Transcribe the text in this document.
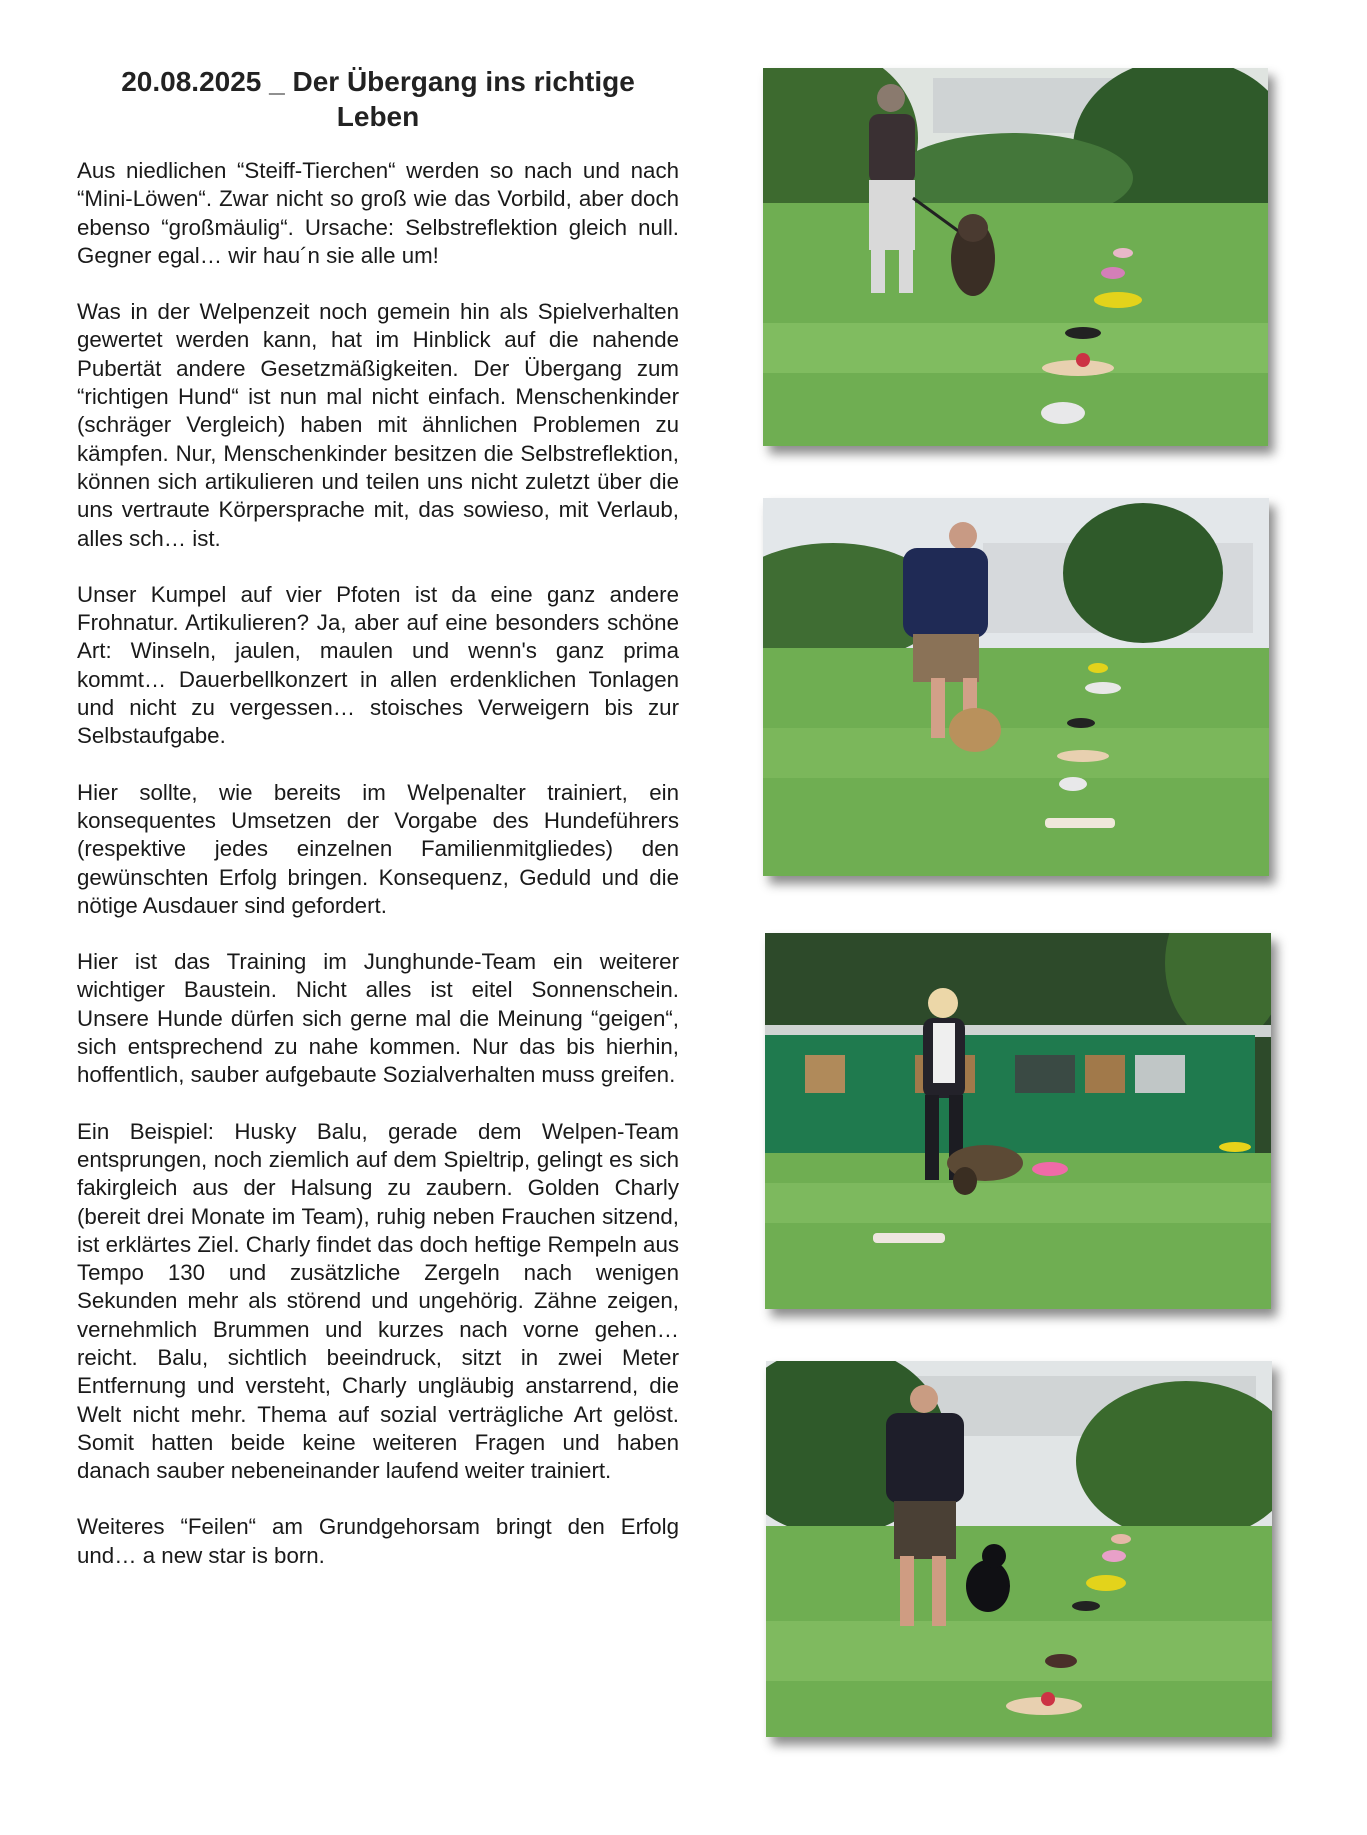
20.08.2025 _ Der Übergang ins richtige
Leben

Aus niedlichen “Steiff-Tierchen“ werden so nach und nach “Mini-Löwen“. Zwar nicht so groß wie das Vorbild, aber doch ebenso “großmäulig“. Ursache: Selbstreflektion gleich null. Gegner egal… wir hau´n sie alle um!

Was in der Welpenzeit noch gemein hin als Spielverhalten gewertet werden kann, hat im Hinblick auf die nahende Pubertät andere Gesetzmäßigkeiten. Der Übergang zum “richtigen Hund“ ist nun mal nicht einfach. Menschenkinder (schräger Vergleich) haben mit ähnlichen Problemen zu kämpfen. Nur, Menschenkinder besitzen die Selbstreflektion, können sich artikulieren und teilen uns nicht zuletzt über die uns vertraute Körpersprache mit, das sowieso, mit Verlaub, alles sch… ist.

Unser Kumpel auf vier Pfoten ist da eine ganz andere Frohnatur. Artikulieren? Ja, aber auf eine besonders schöne Art: Winseln, jaulen, maulen und wenn's ganz prima kommt… Dauerbellkonzert in allen erdenklichen Tonlagen und nicht zu vergessen… stoisches Verweigern bis zur Selbstaufgabe.

Hier sollte, wie bereits im Welpenalter trainiert, ein konsequentes Umsetzen der Vorgabe des Hundeführers (respektive jedes einzelnen Familienmitgliedes) den gewünschten Erfolg bringen. Konsequenz, Geduld und die nötige Ausdauer sind gefordert.

Hier ist das Training im Junghunde-Team ein weiterer wichtiger Baustein. Nicht alles ist eitel Sonnenschein. Unsere Hunde dürfen sich gerne mal die Meinung “geigen“, sich entsprechend zu nahe kommen. Nur das bis hierhin, hoffentlich, sauber aufgebaute Sozialverhalten muss greifen.

Ein Beispiel: Husky Balu, gerade dem Welpen-Team entsprungen, noch ziemlich auf dem Spieltrip, gelingt es sich fakirgleich aus der Halsung zu zaubern. Golden Charly (bereit drei Monate im Team), ruhig neben Frauchen sitzend, ist erklärtes Ziel. Charly findet das doch heftige Rempeln aus Tempo 130 und zusätzliche Zergeln nach wenigen Sekunden mehr als störend und ungehörig. Zähne zeigen, vernehmlich Brummen und kurzes nach vorne gehen… reicht. Balu, sichtlich beeindruck, sitzt in zwei Meter Entfernung und versteht, Charly ungläubig anstarrend, die Welt nicht mehr. Thema auf sozial verträgliche Art gelöst. Somit hatten beide keine weiteren Fragen und haben danach sauber nebeneinander laufend weiter trainiert.

Weiteres “Feilen“ am Grundgehorsam bringt den Erfolg und… a new star is born.
